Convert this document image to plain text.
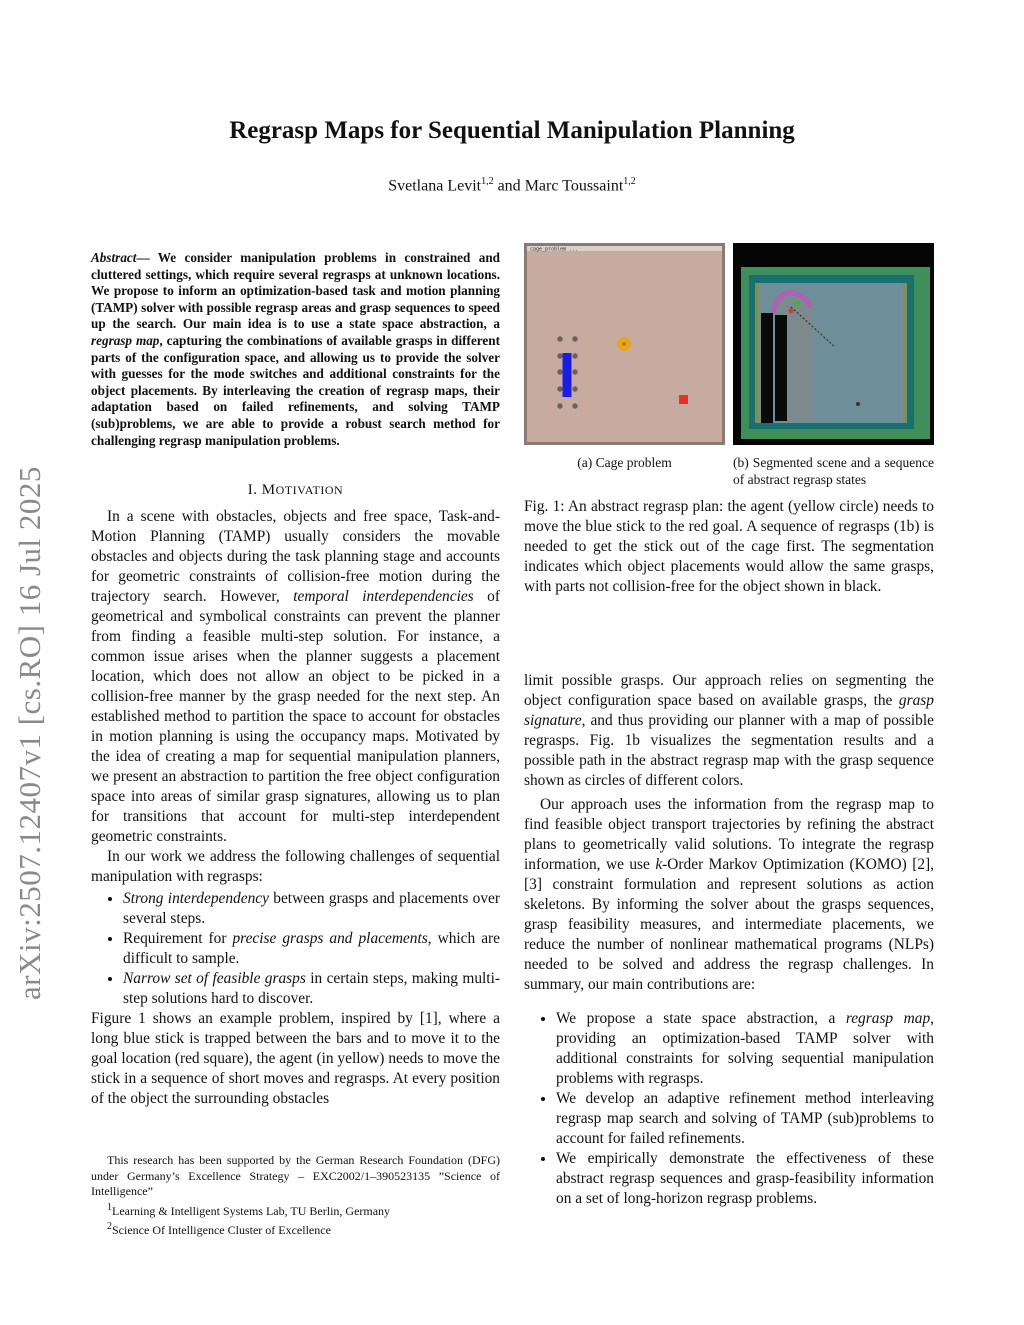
arXiv:2507.12407v1 [cs.RO] 16 Jul 2025
Regrasp Maps for Sequential Manipulation Planning
Svetlana Levit$^{1,2}$ and Marc Toussaint$^{1,2}$
Abstract— We consider manipulation problems in constrained and cluttered settings, which require several regrasps at unknown locations. We propose to inform an optimization-based task and motion planning (TAMP) solver with possible regrasp areas and grasp sequences to speed up the search. Our main idea is to use a state space abstraction, a regrasp map, capturing the combinations of available grasps in different parts of the configuration space, and allowing us to provide the solver with guesses for the mode switches and additional constraints for the object placements. By interleaving the creation of regrasp maps, their adaptation based on failed refinements, and solving TAMP (sub)problems, we are able to provide a robust search method for challenging regrasp manipulation problems.
I. MOTIVATION

In a scene with obstacles, objects and free space, Task-and-Motion Planning (TAMP) usually considers the movable obstacles and objects during the task planning stage and accounts for geometric constraints of collision-free motion during the trajectory search. However, temporal interdependencies of geometrical and symbolical constraints can prevent the planner from finding a feasible multi-step solution. For instance, a common issue arises when the planner suggests a placement location, which does not allow an object to be picked in a collision-free manner by the grasp needed for the next step. An established method to partition the space to account for obstacles in motion planning is using the occupancy maps. Motivated by the idea of creating a map for sequential manipulation planners, we present an abstraction to partition the free object configuration space into areas of similar grasp signatures, allowing us to plan for transitions that account for multi-step interdependent geometric constraints.

In our work we address the following challenges of sequential manipulation with regrasps:

• Strong interdependency between grasps and placements over several steps.
• Requirement for precise grasps and placements, which are difficult to sample.
• Narrow set of feasible grasps in certain steps, making multi-step solutions hard to discover.

Figure 1 shows an example problem, inspired by [1], where a long blue stick is trapped between the bars and to move it to the goal location (red square), the agent (in yellow) needs to move the stick in a sequence of short moves and regrasps. At every position of the object the surrounding obstacles

This research has been supported by the German Research Foundation (DFG) under Germany’s Excellence Strategy – EXC2002/1–390523135 ”Science of Intelligence”

$^1$Learning & Intelligent Systems Lab, TU Berlin, Germany

$^2$Science Of Intelligence Cluster of Excellence

cage_problem ...
(a) Cage problem	(b) Segmented scene and a sequence of abstract regrasp states
Fig. 1: An abstract regrasp plan: the agent (yellow circle) needs to move the blue stick to the red goal. A sequence of regrasps (1b) is needed to get the stick out of the cage first. The segmentation indicates which object placements would allow the same grasps, with parts not collision-free for the object shown in black.

limit possible grasps. Our approach relies on segmenting the object configuration space based on available grasps, the grasp signature, and thus providing our planner with a map of possible regrasps. Fig. 1b visualizes the segmentation results and a possible path in the abstract regrasp map with the grasp sequence shown as circles of different colors.

Our approach uses the information from the regrasp map to find feasible object transport trajectories by refining the abstract plans to geometrically valid solutions. To integrate the regrasp information, we use k-Order Markov Optimization (KOMO) [2], [3] constraint formulation and represent solutions as action skeletons. By informing the solver about the grasps sequences, grasp feasibility measures, and intermediate placements, we reduce the number of nonlinear mathematical programs (NLPs) needed to be solved and address the regrasp challenges. In summary, our main contributions are:

• We propose a state space abstraction, a regrasp map, providing an optimization-based TAMP solver with additional constraints for solving sequential manipulation problems with regrasps.
• We develop an adaptive refinement method interleaving regrasp map search and solving of TAMP (sub)problems to account for failed refinements.
• We empirically demonstrate the effectiveness of these abstract regrasp sequences and grasp-feasibility information on a set of long-horizon regrasp problems.
